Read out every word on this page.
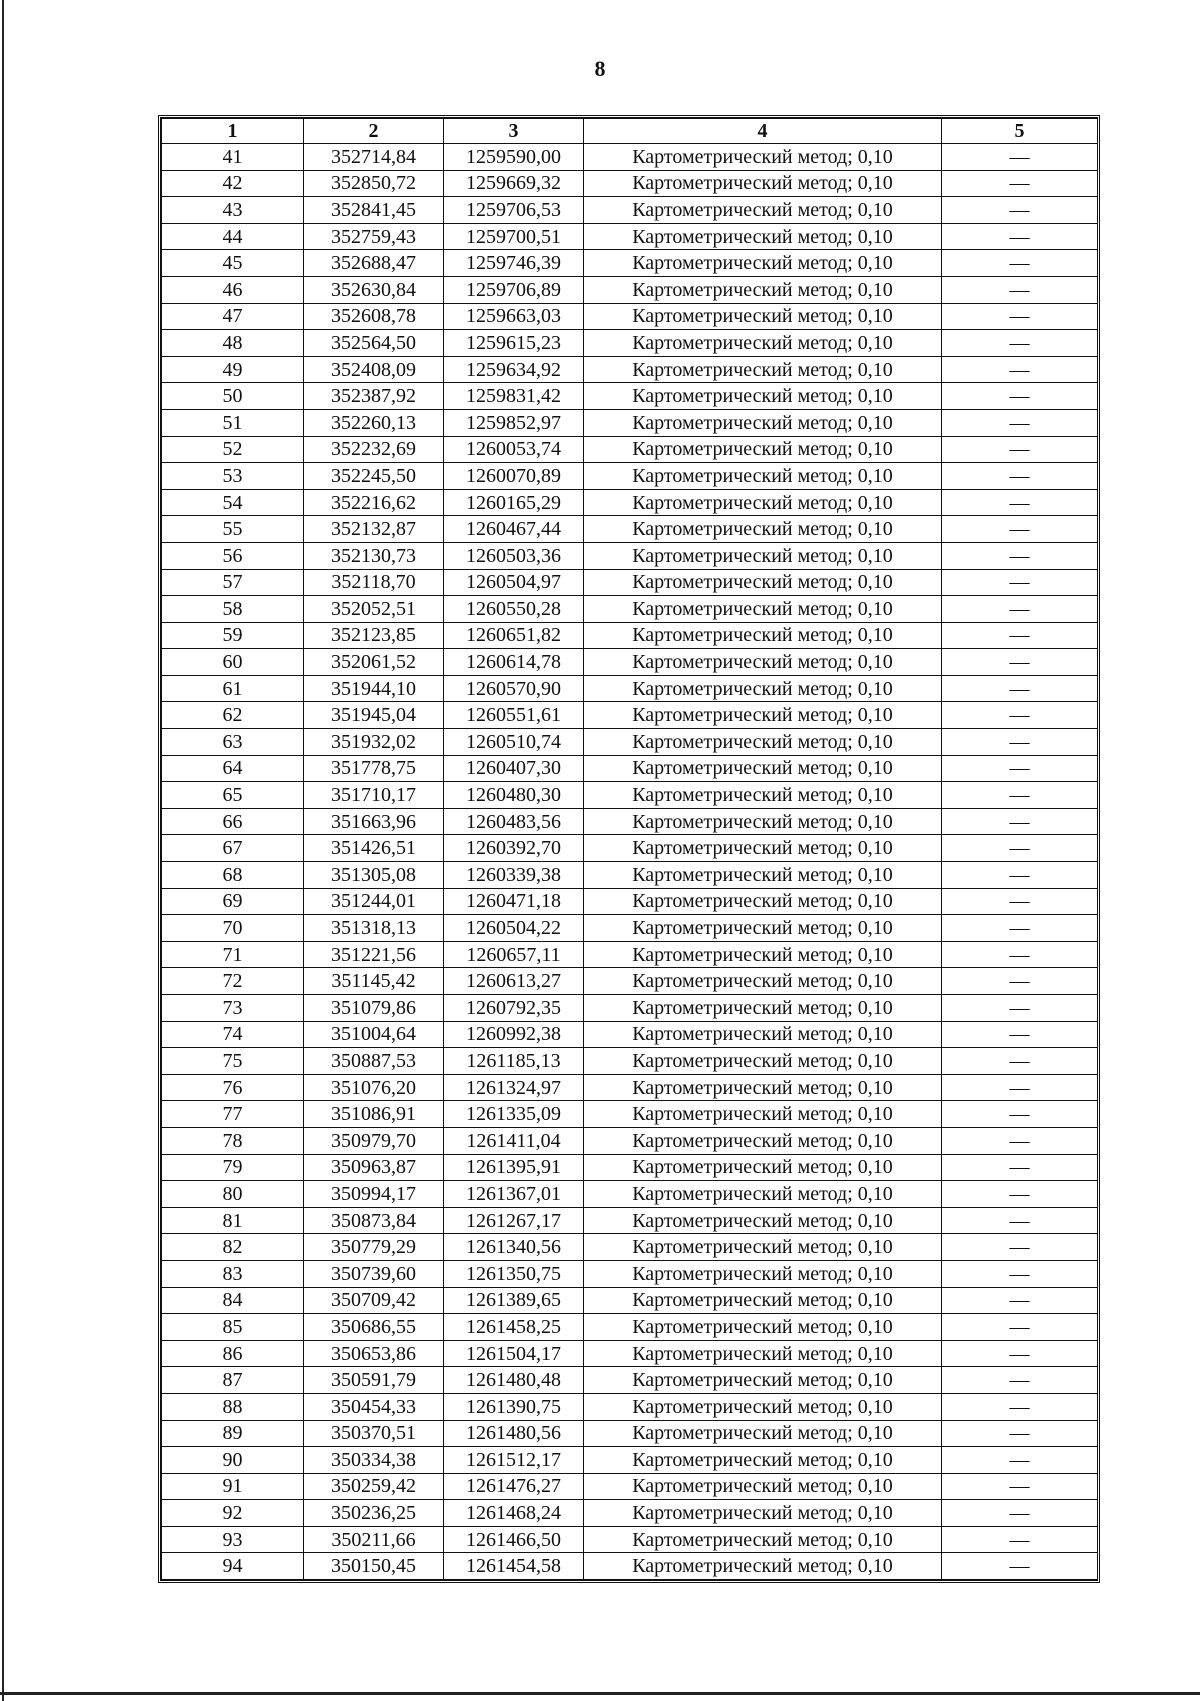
8
1	2	3	4	5
41	352714,84	1259590,00	Картометрический метод; 0,10	—
42	352850,72	1259669,32	Картометрический метод; 0,10	—
43	352841,45	1259706,53	Картометрический метод; 0,10	—
44	352759,43	1259700,51	Картометрический метод; 0,10	—
45	352688,47	1259746,39	Картометрический метод; 0,10	—
46	352630,84	1259706,89	Картометрический метод; 0,10	—
47	352608,78	1259663,03	Картометрический метод; 0,10	—
48	352564,50	1259615,23	Картометрический метод; 0,10	—
49	352408,09	1259634,92	Картометрический метод; 0,10	—
50	352387,92	1259831,42	Картометрический метод; 0,10	—
51	352260,13	1259852,97	Картометрический метод; 0,10	—
52	352232,69	1260053,74	Картометрический метод; 0,10	—
53	352245,50	1260070,89	Картометрический метод; 0,10	—
54	352216,62	1260165,29	Картометрический метод; 0,10	—
55	352132,87	1260467,44	Картометрический метод; 0,10	—
56	352130,73	1260503,36	Картометрический метод; 0,10	—
57	352118,70	1260504,97	Картометрический метод; 0,10	—
58	352052,51	1260550,28	Картометрический метод; 0,10	—
59	352123,85	1260651,82	Картометрический метод; 0,10	—
60	352061,52	1260614,78	Картометрический метод; 0,10	—
61	351944,10	1260570,90	Картометрический метод; 0,10	—
62	351945,04	1260551,61	Картометрический метод; 0,10	—
63	351932,02	1260510,74	Картометрический метод; 0,10	—
64	351778,75	1260407,30	Картометрический метод; 0,10	—
65	351710,17	1260480,30	Картометрический метод; 0,10	—
66	351663,96	1260483,56	Картометрический метод; 0,10	—
67	351426,51	1260392,70	Картометрический метод; 0,10	—
68	351305,08	1260339,38	Картометрический метод; 0,10	—
69	351244,01	1260471,18	Картометрический метод; 0,10	—
70	351318,13	1260504,22	Картометрический метод; 0,10	—
71	351221,56	1260657,11	Картометрический метод; 0,10	—
72	351145,42	1260613,27	Картометрический метод; 0,10	—
73	351079,86	1260792,35	Картометрический метод; 0,10	—
74	351004,64	1260992,38	Картометрический метод; 0,10	—
75	350887,53	1261185,13	Картометрический метод; 0,10	—
76	351076,20	1261324,97	Картометрический метод; 0,10	—
77	351086,91	1261335,09	Картометрический метод; 0,10	—
78	350979,70	1261411,04	Картометрический метод; 0,10	—
79	350963,87	1261395,91	Картометрический метод; 0,10	—
80	350994,17	1261367,01	Картометрический метод; 0,10	—
81	350873,84	1261267,17	Картометрический метод; 0,10	—
82	350779,29	1261340,56	Картометрический метод; 0,10	—
83	350739,60	1261350,75	Картометрический метод; 0,10	—
84	350709,42	1261389,65	Картометрический метод; 0,10	—
85	350686,55	1261458,25	Картометрический метод; 0,10	—
86	350653,86	1261504,17	Картометрический метод; 0,10	—
87	350591,79	1261480,48	Картометрический метод; 0,10	—
88	350454,33	1261390,75	Картометрический метод; 0,10	—
89	350370,51	1261480,56	Картометрический метод; 0,10	—
90	350334,38	1261512,17	Картометрический метод; 0,10	—
91	350259,42	1261476,27	Картометрический метод; 0,10	—
92	350236,25	1261468,24	Картометрический метод; 0,10	—
93	350211,66	1261466,50	Картометрический метод; 0,10	—
94	350150,45	1261454,58	Картометрический метод; 0,10	—
